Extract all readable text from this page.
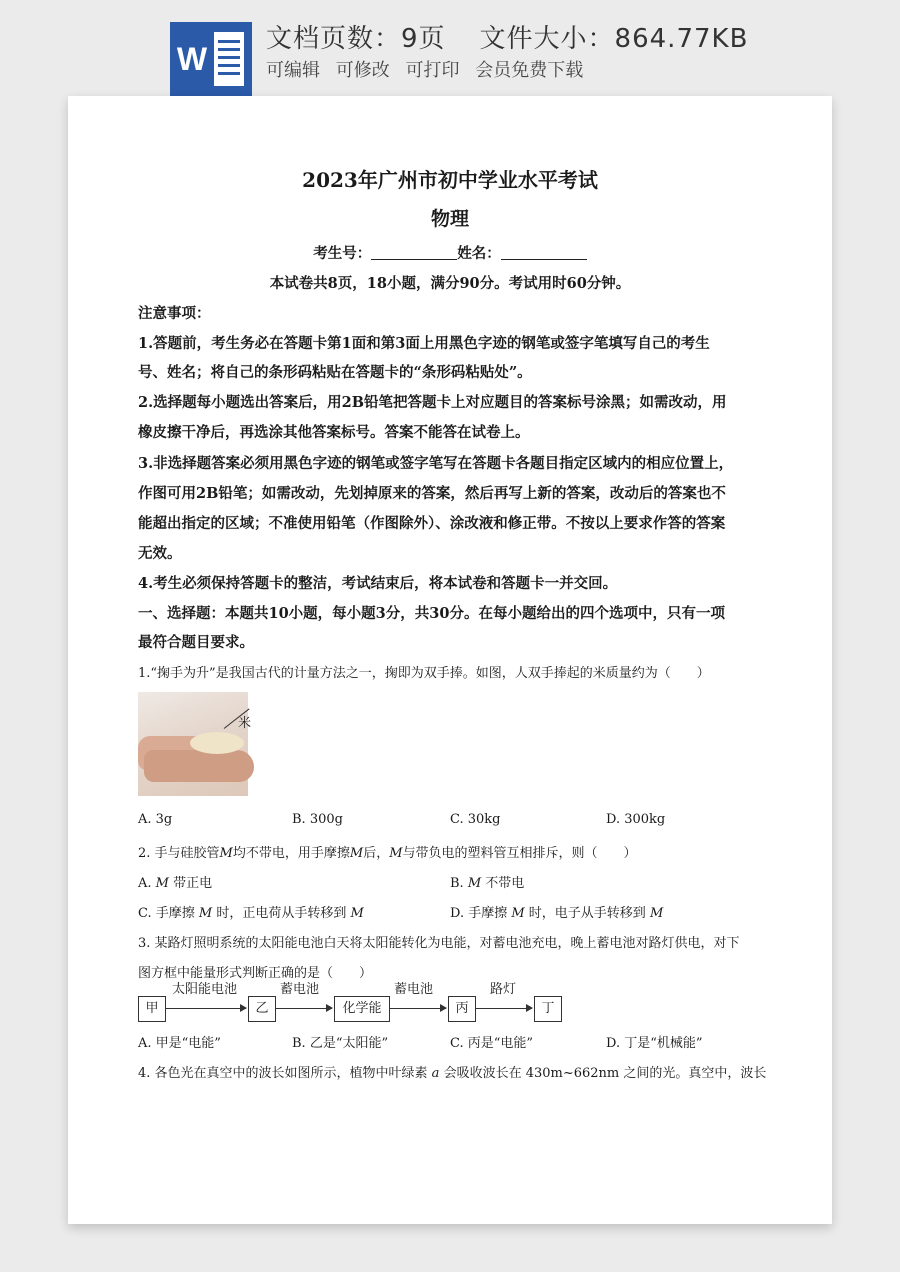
W
文档页数：9页 文件大小：864.77KB
可编辑 可修改 可打印 会员免费下载
2023年广州市初中学业水平考试
物理
考生号：	姓名：
本试卷共8页，18小题，满分90分。考试用时60分钟。
注意事项：
1.答题前，考生务必在答题卡第1面和第3面上用黑色字迹的钢笔或签字笔填写自己的考生
号、姓名；将自己的条形码粘贴在答题卡的“条形码粘贴处”。
2.选择题每小题选出答案后，用2B铅笔把答题卡上对应题目的答案标号涂黑；如需改动，用
橡皮擦干净后，再选涂其他答案标号。答案不能答在试卷上。
3.非选择题答案必须用黑色字迹的钢笔或签字笔写在答题卡各题目指定区域内的相应位置上，
作图可用2B铅笔；如需改动，先划掉原来的答案，然后再写上新的答案，改动后的答案也不
能超出指定的区域；不准使用铅笔（作图除外）、涂改液和修正带。不按以上要求作答的答案
无效。
4.考生必须保持答题卡的整洁，考试结束后，将本试卷和答题卡一并交回。
一、选择题：本题共10小题，每小题3分，共30分。在每小题给出的四个选项中，只有一项
最符合题目要求。
1.“掬手为升”是我国古代的计量方法之一，掬即为双手捧。如图，人双手捧起的米质量约为（　　）
米
A. 3g	B. 300g	C. 30kg	D. 300kg
2. 手与硅胶管M均不带电，用手摩擦M后，M与带负电的塑料管互相排斥，则（　　）
A. M 带正电	B. M 不带电
C. 手摩擦 M 时，正电荷从手转移到 M	D. 手摩擦 M 时，电子从手转移到 M
3. 某路灯照明系统的太阳能电池白天将太阳能转化为电能，对蓄电池充电，晚上蓄电池对路灯供电，对下
图方框中能量形式判断正确的是（　　）
甲
太阳能电池
乙
蓄电池
化学能
蓄电池
丙
路灯
丁
A. 甲是“电能”	B. 乙是“太阳能”	C. 丙是“电能”	D. 丁是“机械能”
4. 各色光在真空中的波长如图所示，植物中叶绿素 a 会吸收波长在 430m~662nm 之间的光。真空中，波长
